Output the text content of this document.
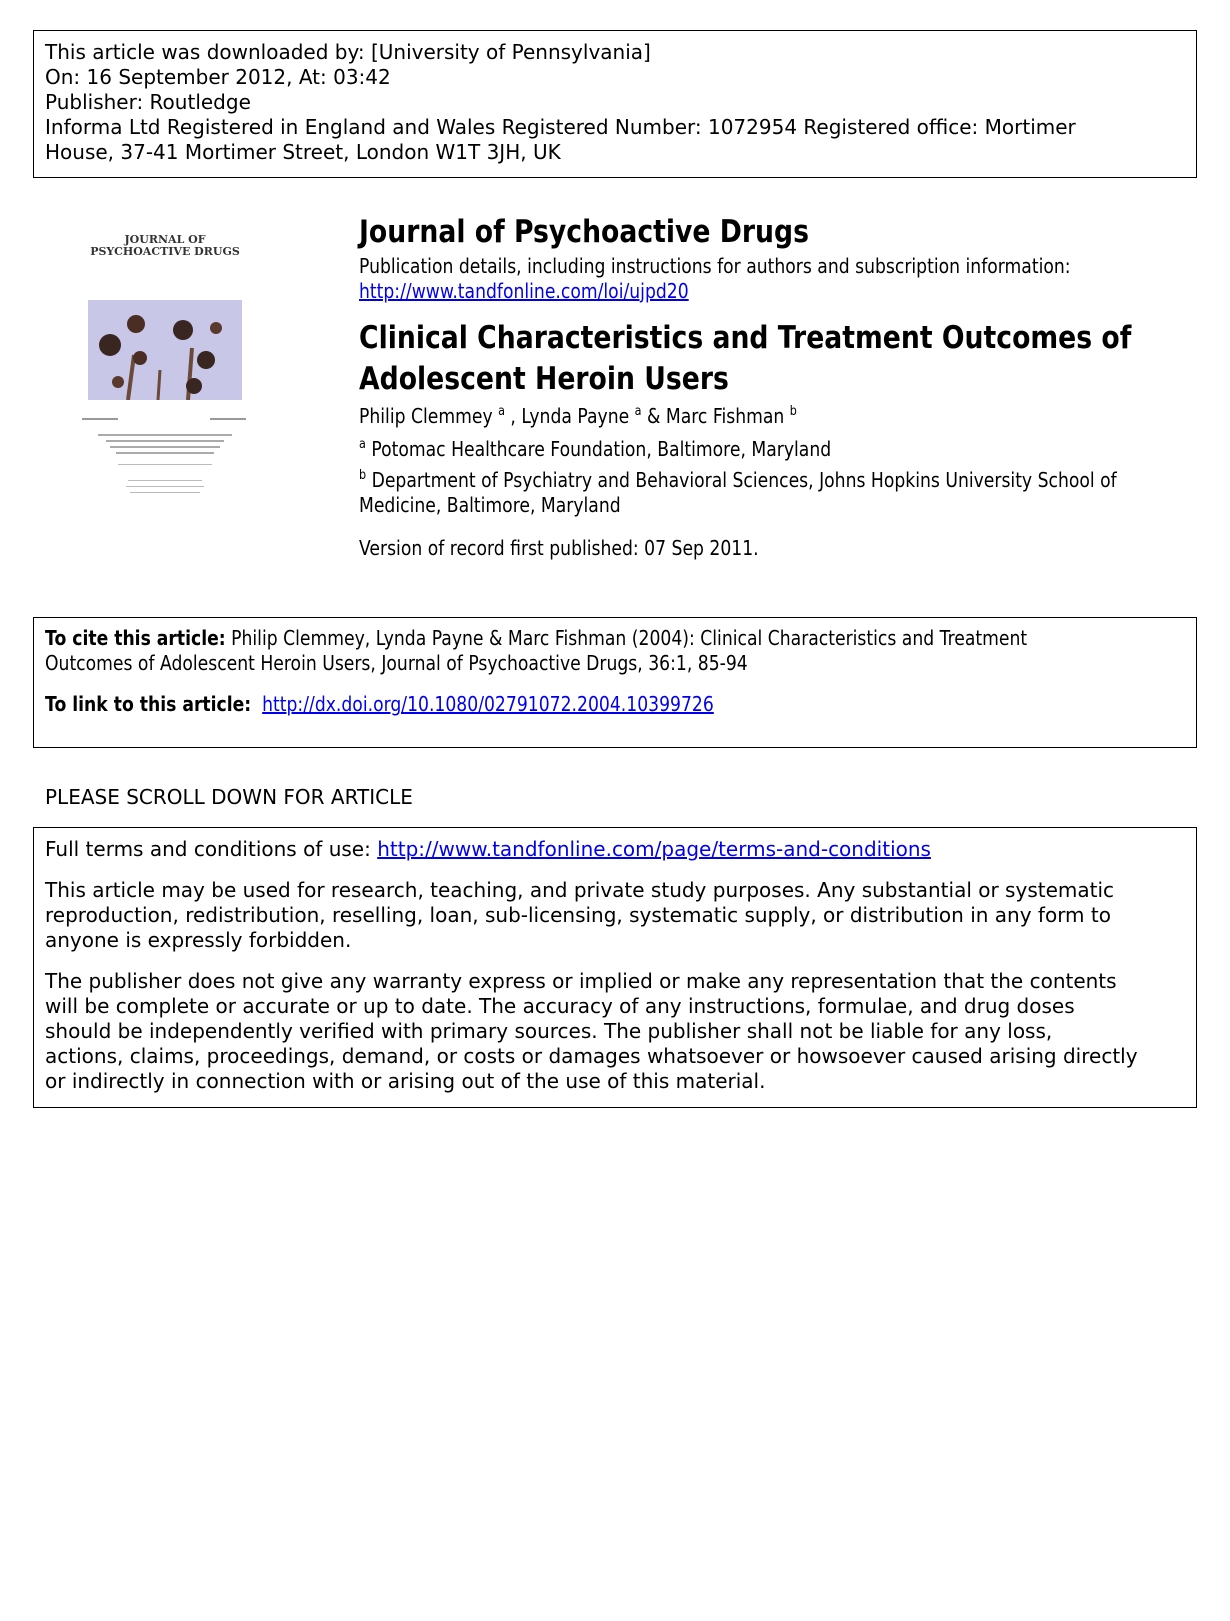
This article was downloaded by: [University of Pennsylvania]
On: 16 September 2012, At: 03:42
Publisher: Routledge
Informa Ltd Registered in England and Wales Registered Number: 1072954 Registered office: Mortimer
House, 37-41 Mortimer Street, London W1T 3JH, UK
JOURNAL OF
PSYCHOACTIVE DRUGS
Journal of Psychoactive Drugs
Publication details, including instructions for authors and subscription information:
http://www.tandfonline.com/loi/ujpd20
Clinical Characteristics and Treatment Outcomes of
Adolescent Heroin Users
Philip Clemmey $^a$ , Lynda Payne $^a$ & Marc Fishman $^b$
$^a$ Potomac Healthcare Foundation, Baltimore, Maryland
$^b$ Department of Psychiatry and Behavioral Sciences, Johns Hopkins University School of
Medicine, Baltimore, Maryland
Version of record first published: 07 Sep 2011.
To cite this article: Philip Clemmey, Lynda Payne & Marc Fishman (2004): Clinical Characteristics and Treatment
Outcomes of Adolescent Heroin Users, Journal of Psychoactive Drugs, 36:1, 85-94
To link to this article: http://dx.doi.org/10.1080/02791072.2004.10399726
PLEASE SCROLL DOWN FOR ARTICLE

Full terms and conditions of use: http://www.tandfonline.com/page/terms-and-conditions

This article may be used for research, teaching, and private study purposes. Any substantial or systematic

reproduction, redistribution, reselling, loan, sub-licensing, systematic supply, or distribution in any form to

anyone is expressly forbidden.

The publisher does not give any warranty express or implied or make any representation that the contents

will be complete or accurate or up to date. The accuracy of any instructions, formulae, and drug doses

should be independently verified with primary sources. The publisher shall not be liable for any loss,

actions, claims, proceedings, demand, or costs or damages whatsoever or howsoever caused arising directly

or indirectly in connection with or arising out of the use of this material.
